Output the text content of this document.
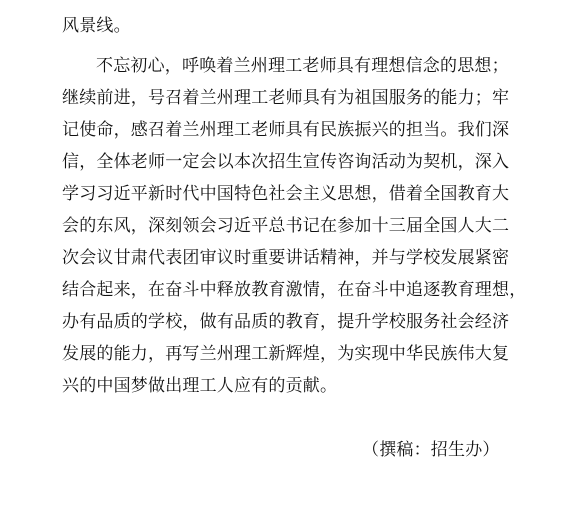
风景线。
不忘初心，呼唤着兰州理工老师具有理想信念的思想；
继续前进，号召着兰州理工老师具有为祖国服务的能力；牢
记使命，感召着兰州理工老师具有民族振兴的担当。我们深
信，全体老师一定会以本次招生宣传咨询活动为契机，深入
学习习近平新时代中国特色社会主义思想，借着全国教育大
会的东风，深刻领会习近平总书记在参加十三届全国人大二
次会议甘肃代表团审议时重要讲话精神，并与学校发展紧密
结合起来，在奋斗中释放教育激情，在奋斗中追逐教育理想，
办有品质的学校，做有品质的教育，提升学校服务社会经济
发展的能力，再写兰州理工新辉煌，为实现中华民族伟大复
兴的中国梦做出理工人应有的贡献。
（撰稿：招生办）
